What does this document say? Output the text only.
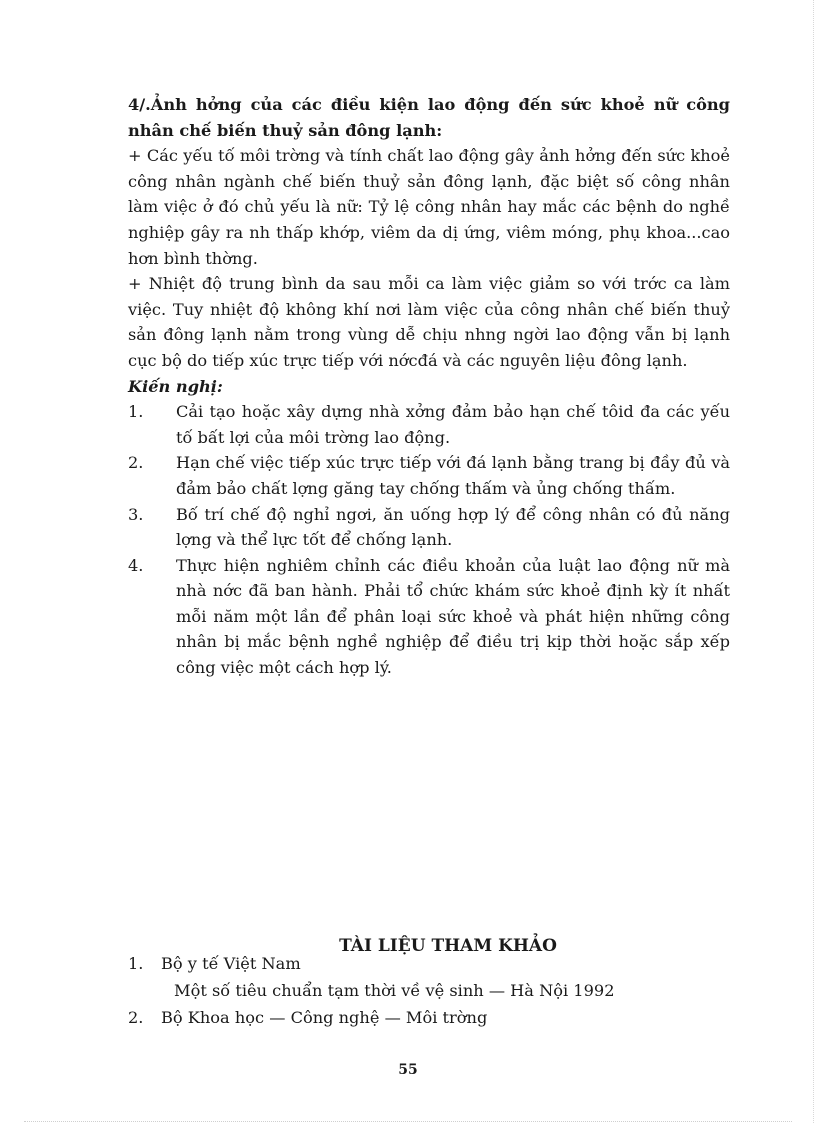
4/.Ảnh hởng của các điều kiện lao động đến sức khoẻ nữ công nhân chế biến thuỷ sản đông lạnh:

+ Các yếu tố môi trờng và tính chất lao động gây ảnh hởng đến sức khoẻ công nhân ngành chế biến thuỷ sản đông lạnh, đặc biệt số công nhân làm việc ở đó chủ yếu là nữ: Tỷ lệ công nhân hay mắc các bệnh do nghề nghiệp gây ra nh thấp khớp, viêm da dị ứng, viêm móng, phụ khoa...cao hơn bình thờng.

+ Nhiệt độ trung bình da sau mỗi ca làm việc giảm so với trớc ca làm việc. Tuy nhiệt độ không khí nơi làm việc của công nhân chế biến thuỷ sản đông lạnh nằm trong vùng dễ chịu nhng ngời lao động vẫn bị lạnh cục bộ do tiếp xúc trực tiếp với nớcđá và các nguyên liệu đông lạnh.

Kiến nghị:

1.	Cải tạo hoặc xây dựng nhà xởng đảm bảo hạn chế tôid đa các yếu tố bất lợi của môi trờng lao động.
2.	Hạn chế việc tiếp xúc trực tiếp với đá lạnh bằng trang bị đầy đủ và đảm bảo chất lợng găng tay chống thấm và ủng chống thấm.
3.	Bố trí chế độ nghỉ ngơi, ăn uống hợp lý để công nhân có đủ năng lợng và thể lực tốt để chống lạnh.
4.	Thực hiện nghiêm chỉnh các điều khoản của luật lao động nữ mà nhà nớc đã ban hành. Phải tổ chức khám sức khoẻ định kỳ ít nhất mỗi năm một lần để phân loại sức khoẻ và phát hiện những công nhân bị mắc bệnh nghề nghiệp để điều trị kịp thời hoặc sắp xếp công việc một cách hợp lý.
TÀI LIỆU THAM KHẢO
1.	Bộ y tế Việt Nam
Một số tiêu chuẩn tạm thời về vệ sinh — Hà Nội 1992
2.	Bộ Khoa học — Công nghệ — Môi trờng
55
